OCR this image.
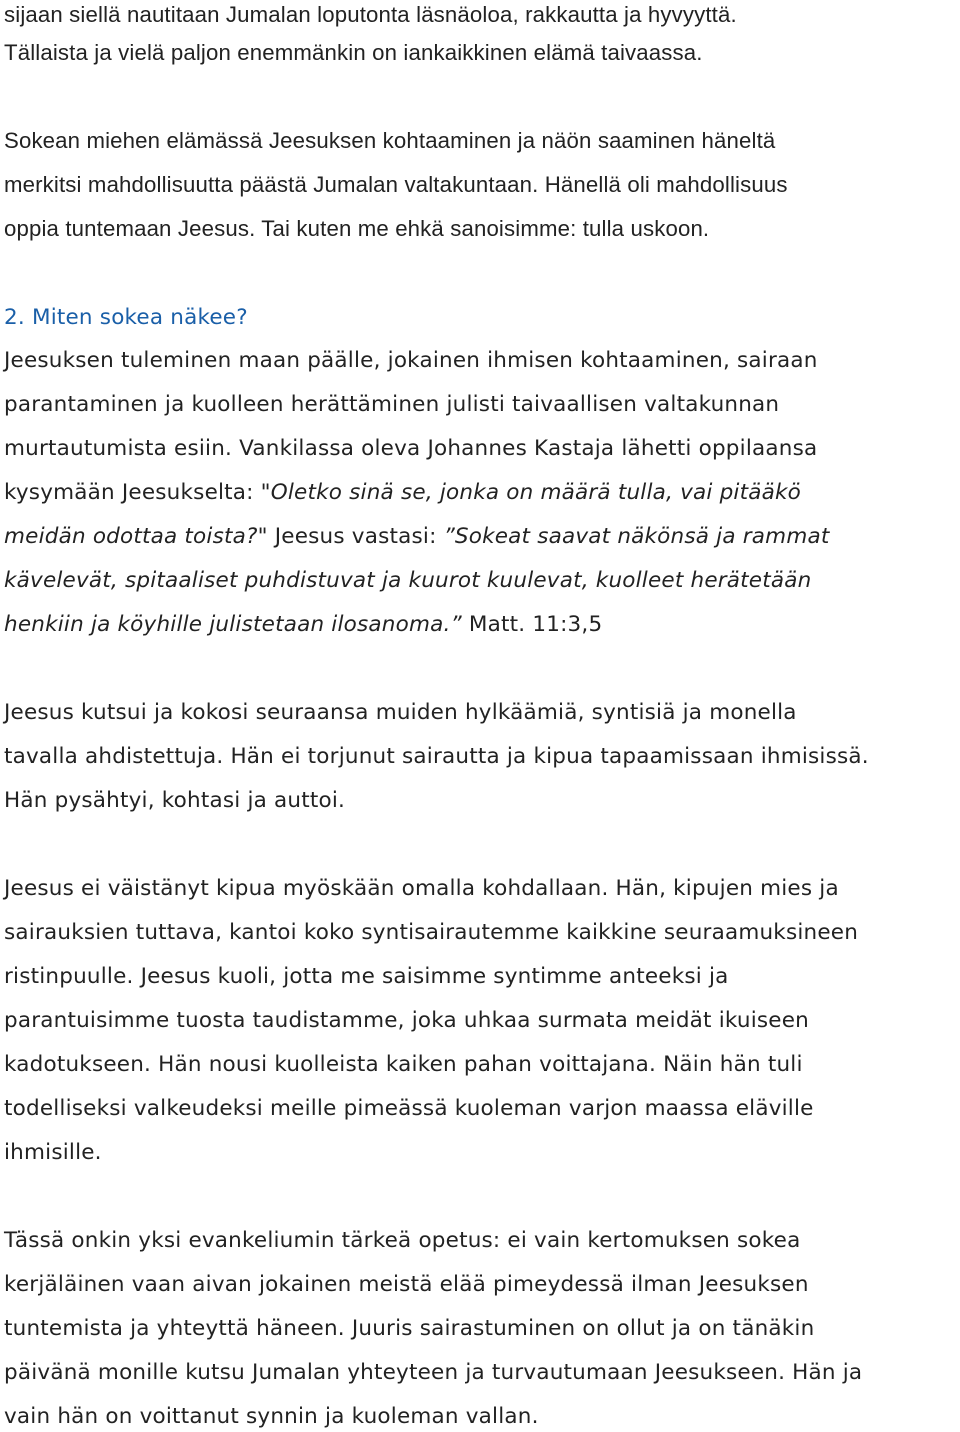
sijaan siellä nautitaan Jumalan loputonta läsnäoloa, rakkautta ja hyvyyttä.
Tällaista ja vielä paljon enemmänkin on iankaikkinen elämä taivaassa.
Sokean miehen elämässä Jeesuksen kohtaaminen ja näön saaminen häneltä
merkitsi mahdollisuutta päästä Jumalan valtakuntaan. Hänellä oli mahdollisuus
oppia tuntemaan Jeesus. Tai kuten me ehkä sanoisimme: tulla uskoon.
2. Miten sokea näkee?
Jeesuksen tuleminen maan päälle, jokainen ihmisen kohtaaminen, sairaan
parantaminen ja kuolleen herättäminen julisti taivaallisen valtakunnan
murtautumista esiin. Vankilassa oleva Johannes Kastaja lähetti oppilaansa
kysymään Jeesukselta: "Oletko sinä se, jonka on määrä tulla, vai pitääkö
meidän odottaa toista?" Jeesus vastasi: ”Sokeat saavat näkönsä ja rammat
kävelevät, spitaaliset puhdistuvat ja kuurot kuulevat, kuolleet herätetään
henkiin ja köyhille julistetaan ilosanoma.” Matt. 11:3,5
Jeesus kutsui ja kokosi seuraansa muiden hylkäämiä, syntisiä ja monella
tavalla ahdistettuja. Hän ei torjunut sairautta ja kipua tapaamissaan ihmisissä.
Hän pysähtyi, kohtasi ja auttoi.
Jeesus ei väistänyt kipua myöskään omalla kohdallaan. Hän, kipujen mies ja
sairauksien tuttava, kantoi koko syntisairautemme kaikkine seuraamuksineen
ristinpuulle. Jeesus kuoli, jotta me saisimme syntimme anteeksi ja
parantuisimme tuosta taudistamme, joka uhkaa surmata meidät ikuiseen
kadotukseen. Hän nousi kuolleista kaiken pahan voittajana. Näin hän tuli
todelliseksi valkeudeksi meille pimeässä kuoleman varjon maassa eläville
ihmisille.
Tässä onkin yksi evankeliumin tärkeä opetus: ei vain kertomuksen sokea
kerjäläinen vaan aivan jokainen meistä elää pimeydessä ilman Jeesuksen
tuntemista ja yhteyttä häneen. Juuris sairastuminen on ollut ja on tänäkin
päivänä monille kutsu Jumalan yhteyteen ja turvautumaan Jeesukseen. Hän ja
vain hän on voittanut synnin ja kuoleman vallan.
